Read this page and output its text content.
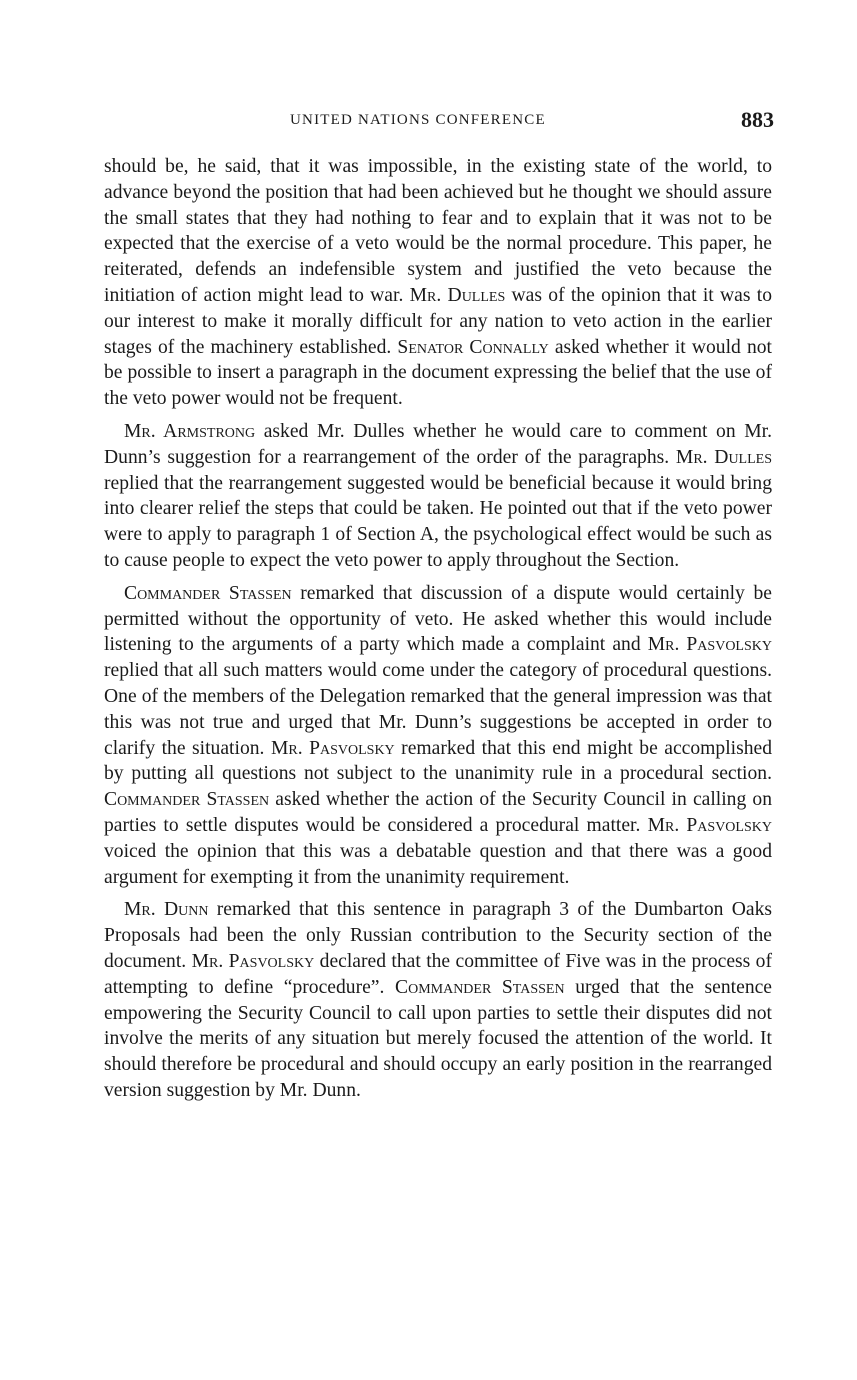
UNITED NATIONS CONFERENCE	883

should be, he said, that it was impossible, in the existing state of the world, to advance beyond the position that had been achieved but he thought we should assure the small states that they had nothing to fear and to explain that it was not to be expected that the exercise of a veto would be the normal procedure. This paper, he reiterated, defends an indefensible system and justified the veto because the initiation of action might lead to war. Mr. Dulles was of the opinion that it was to our interest to make it morally difficult for any nation to veto action in the earlier stages of the machinery established. Senator Connally asked whether it would not be possible to insert a paragraph in the document expressing the belief that the use of the veto power would not be frequent.

Mr. Armstrong asked Mr. Dulles whether he would care to comment on Mr. Dunn’s suggestion for a rearrangement of the order of the paragraphs. Mr. Dulles replied that the rearrangement suggested would be beneficial because it would bring into clearer relief the steps that could be taken. He pointed out that if the veto power were to apply to paragraph 1 of Section A, the psychological effect would be such as to cause people to expect the veto power to apply throughout the Section.

Commander Stassen remarked that discussion of a dispute would certainly be permitted without the opportunity of veto. He asked whether this would include listening to the arguments of a party which made a complaint and Mr. Pasvolsky replied that all such matters would come under the category of procedural questions. One of the members of the Delegation remarked that the general impression was that this was not true and urged that Mr. Dunn’s suggestions be accepted in order to clarify the situation. Mr. Pasvolsky remarked that this end might be accomplished by putting all questions not subject to the unanimity rule in a procedural section. Commander Stassen asked whether the action of the Security Council in calling on parties to settle disputes would be considered a procedural matter. Mr. Pasvolsky voiced the opinion that this was a debatable question and that there was a good argument for exempting it from the unanimity requirement.

Mr. Dunn remarked that this sentence in paragraph 3 of the Dumbarton Oaks Proposals had been the only Russian contribution to the Security section of the document. Mr. Pasvolsky declared that the committee of Five was in the process of attempting to define “procedure”. Commander Stassen urged that the sentence empowering the Security Council to call upon parties to settle their disputes did not involve the merits of any situation but merely focused the attention of the world. It should therefore be procedural and should occupy an early position in the rearranged version suggestion by Mr. Dunn.
